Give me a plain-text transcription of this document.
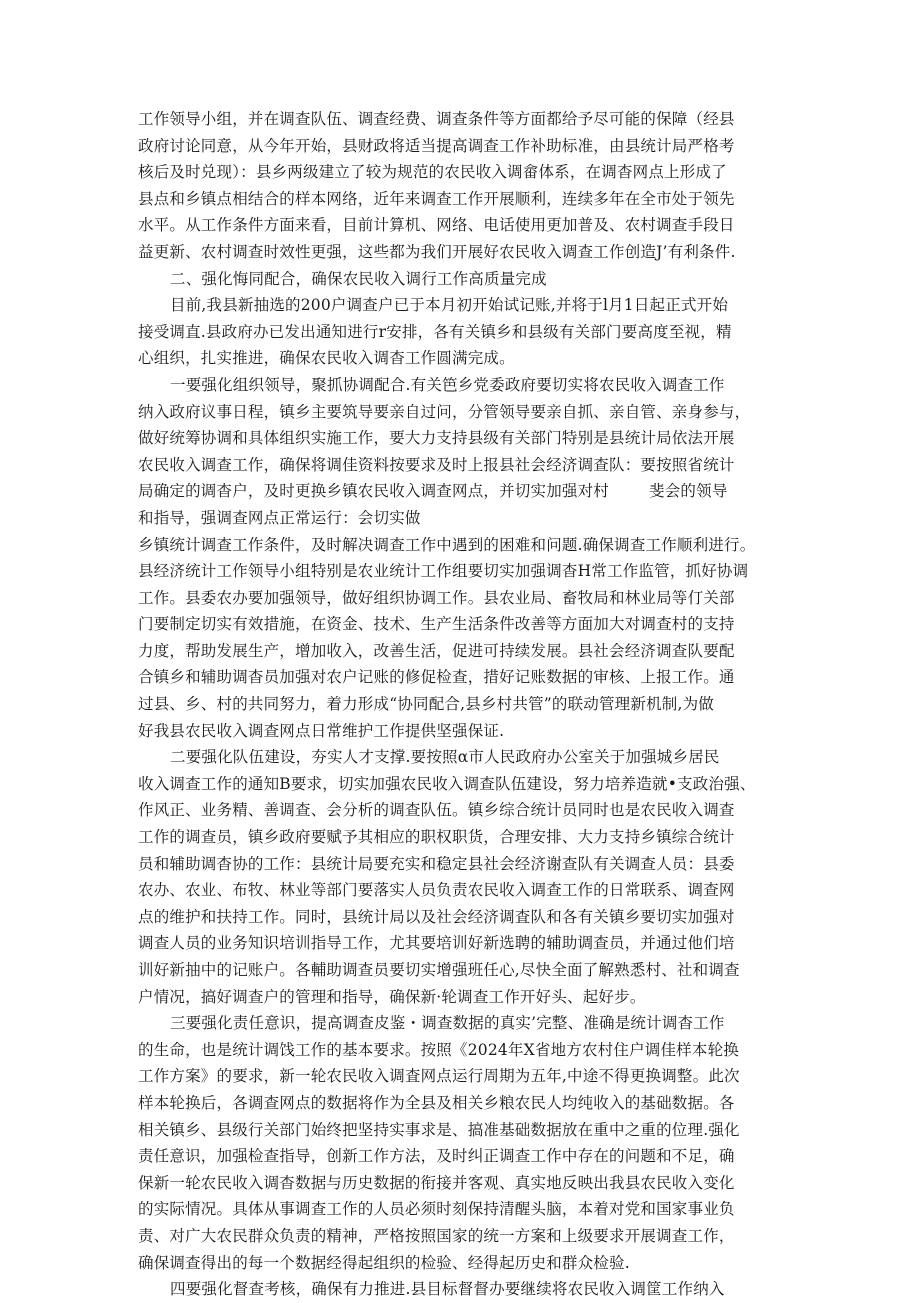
工作领导小组，并在调查队伍、调查经费、调查条件等方面都给予尽可能的保障（经县
政府讨论同意，从今年开始，县财政将适当提高调查工作补助标准，由县统计局严格考
核后及时兑现）：县乡两级建立了较为规范的农民收入调畲体系，在调杳网点上形成了
县点和乡镇点相结合的样本网络，近年来调查工作开展顺利，连续多年在全市处于领先
水平。从工作条件方面来看，目前计算机、网络、电话使用更加普及、农村调查手段日
益更新、农村调查时效性更强，这些都为我们开展好农民收入调查工作创造J’有利条件.
二、强化悔同配合，确保农民收入调行工作高质量完成
目前,我县新抽选的200户调查户已于本月初开始试记账,并将于l月1日起正式开始
接受调直.县政府办已发出通知进行r安排，各有关镇乡和县级有关部门要高度至视，精
心组织，扎实推进，确保农民收入调杳工作圆满完成。
一要强化组织领导，聚抓协调配合.有关笆乡党委政府要切实将农民收入调查工作
纳入政府议事日程，镇乡主要筑导要亲自过问，分管领导要亲自抓、亲自管、亲身参与，
做好统筹协调和具体组织实施工作，要大力支持县级有关部门特别是县统计局依法开展
农民收入调查工作，确保将调佳资料按要求及时上报县社会经济调查队：要按照省统计
局确定的调杳户，及时更换乡镇农民收入调查网点，并切实加强对村	斐会的领导
和指导，强调查网点正常运行：会切实做
乡镇统计调查工作条件，及时解决调查工作中遇到的困难和问题.确保调查工作顺利进行。
县经济统计工作领导小组特别是农业统计工作组要切实加强调杳H常工作监管，抓好协调
工作。县委农办要加强领导，做好组织协调工作。县农业局、畜牧局和林业局等仃关部
门要制定切实有效措施，在资金、技术、生产生活条件改善等方面加大对调查村的支持
力度，帮助发展生产，增加收入，改善生活，促进可持续发展。县社会经济调查队要配
合镇乡和辅助调杳员加强对农户记账的修促检查，措好记账数据的审核、上报工作。通
过县、乡、村的共同努力，着力形成“协同配合,县乡村共管”的联动管理新机制,为做
好我县农民收入调查网点日常维护工作提供坚强保证.
二要强化队伍建设，夯实人才支撑.要按照α市人民政府办公室关于加强城乡居民
收入调查工作的通知B要求，切实加强农民收入调查队伍建设，努力培养造就•支政治强、
作风正、业务精、善调查、会分析的调查队伍。镇乡综合统计员同时也是农民收入调查
工作的调查员，镇乡政府要赋予其相应的职权职货，合理安排、大力支持乡镇综合统计
员和辅助调杳协的工作：县统计局要充实和稳定县社会经济谢查队有关调查人员：县委
农办、农业、布牧、林业等部门要落实人员负责农民收入调查工作的日常联系、调查网
点的维护和扶持工作。同时，县统计局以及社会经济调査队和各有关镇乡要切实加强对
调查人员的业务知识培训指导工作，尤其要培训好新选聘的辅助调查员，并通过他们培
训好新抽中的记账户。各輔助调查员要切实增强班任心,尽快全面了解熟悉村、社和调查
户情况，搞好调查户的管理和指导，确保新·轮调查工作开好头、起好步。
三要强化责任意识，提高调查皮鉴・调查数据的真实’完整、准确是统计调杳工作
的生命，也是统计调饯工作的基本要求。按照《2024年X省地方农村住户调佳样本轮换
工作方案》的要求，新一轮农民收入调査网点运行周期为五年,中途不得更换调整。此次
样本轮换后，各调查网点的数据将作为全县及相关乡粮农民人均纯收入的基础数据。各
相关镇乡、县级行关部门始终把坚持实事求是、搞准基础数据放在重中之重的位理.强化
责任意识，加强检查指导，创新工作方法，及时纠正调查工作中存在的问题和不足，确
保新一轮农民收入调杳数据与历史数据的衔接并客观、真实地反映出我县农民收入变化
的实际情况。具体从事调查工作的人员必须时刻保持清醒头脑，本着对党和国家事业负
责、对广大农民群众负责的精神，严格按照国家的统一方案和上级要求开展调查工作，
确保调查得出的每一个数据经得起组织的检验、经得起历史和群众检验.
四要强化督查考核，确保有力推进.县目标督督办要继续将农民收入调筐工作纳入
